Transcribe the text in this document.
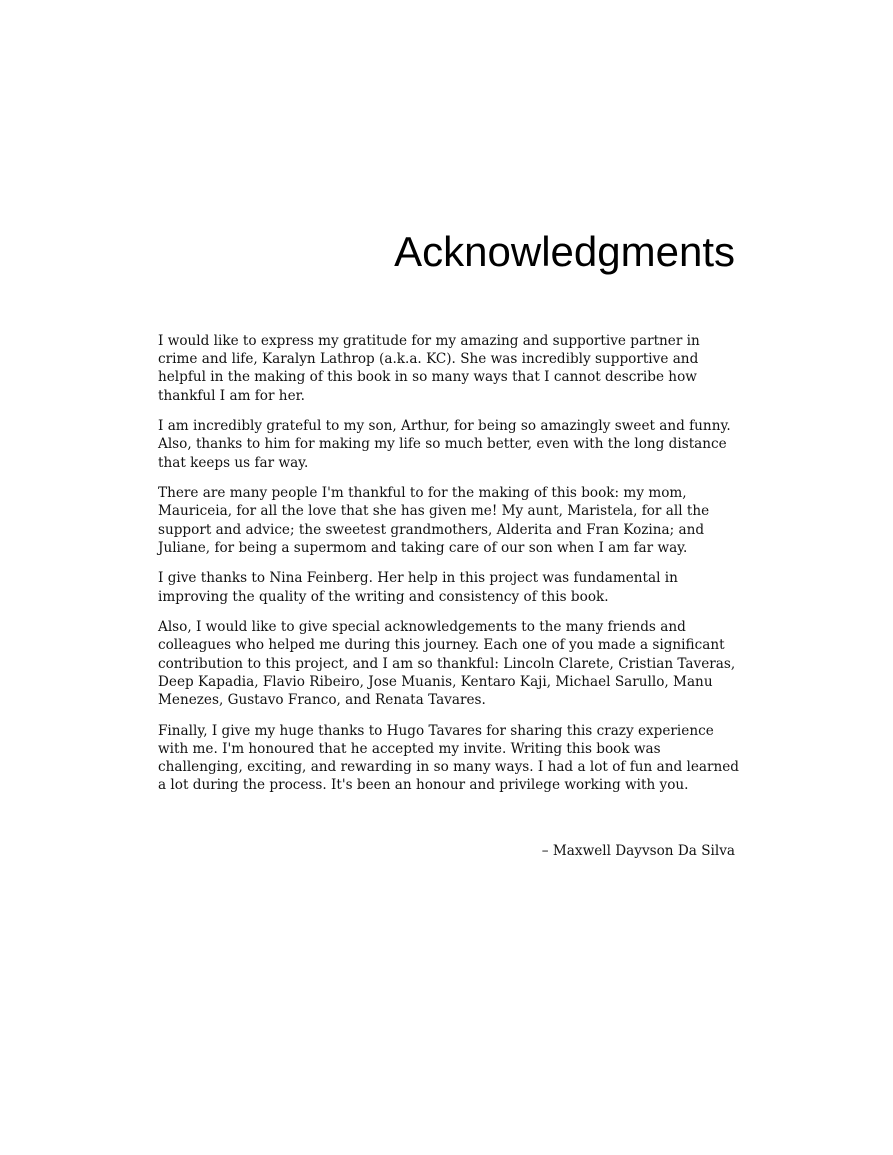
Acknowledgments

I would like to express my gratitude for my amazing and supportive partner in crime and life, Karalyn Lathrop (a.k.a. KC). She was incredibly supportive and helpful in the making of this book in so many ways that I cannot describe how thankful I am for her.

I am incredibly grateful to my son, Arthur, for being so amazingly sweet and funny. Also, thanks to him for making my life so much better, even with the long distance that keeps us far way.

There are many people I'm thankful to for the making of this book: my mom, Mauriceia, for all the love that she has given me! My aunt, Maristela, for all the support and advice; the sweetest grandmothers, Alderita and Fran Kozina; and Juliane, for being a supermom and taking care of our son when I am far way.

I give thanks to Nina Feinberg. Her help in this project was fundamental in improving the quality of the writing and consistency of this book.

Also, I would like to give special acknowledgements to the many friends and colleagues who helped me during this journey. Each one of you made a significant contribution to this project, and I am so thankful: Lincoln Clarete, Cristian Taveras, Deep Kapadia, Flavio Ribeiro, Jose Muanis, Kentaro Kaji, Michael Sarullo, Manu Menezes, Gustavo Franco, and Renata Tavares.

Finally, I give my huge thanks to Hugo Tavares for sharing this crazy experience with me. I'm honoured that he accepted my invite. Writing this book was challenging, exciting, and rewarding in so many ways. I had a lot of fun and learned a lot during the process. It's been an honour and privilege working with you.

– Maxwell Dayvson Da Silva
